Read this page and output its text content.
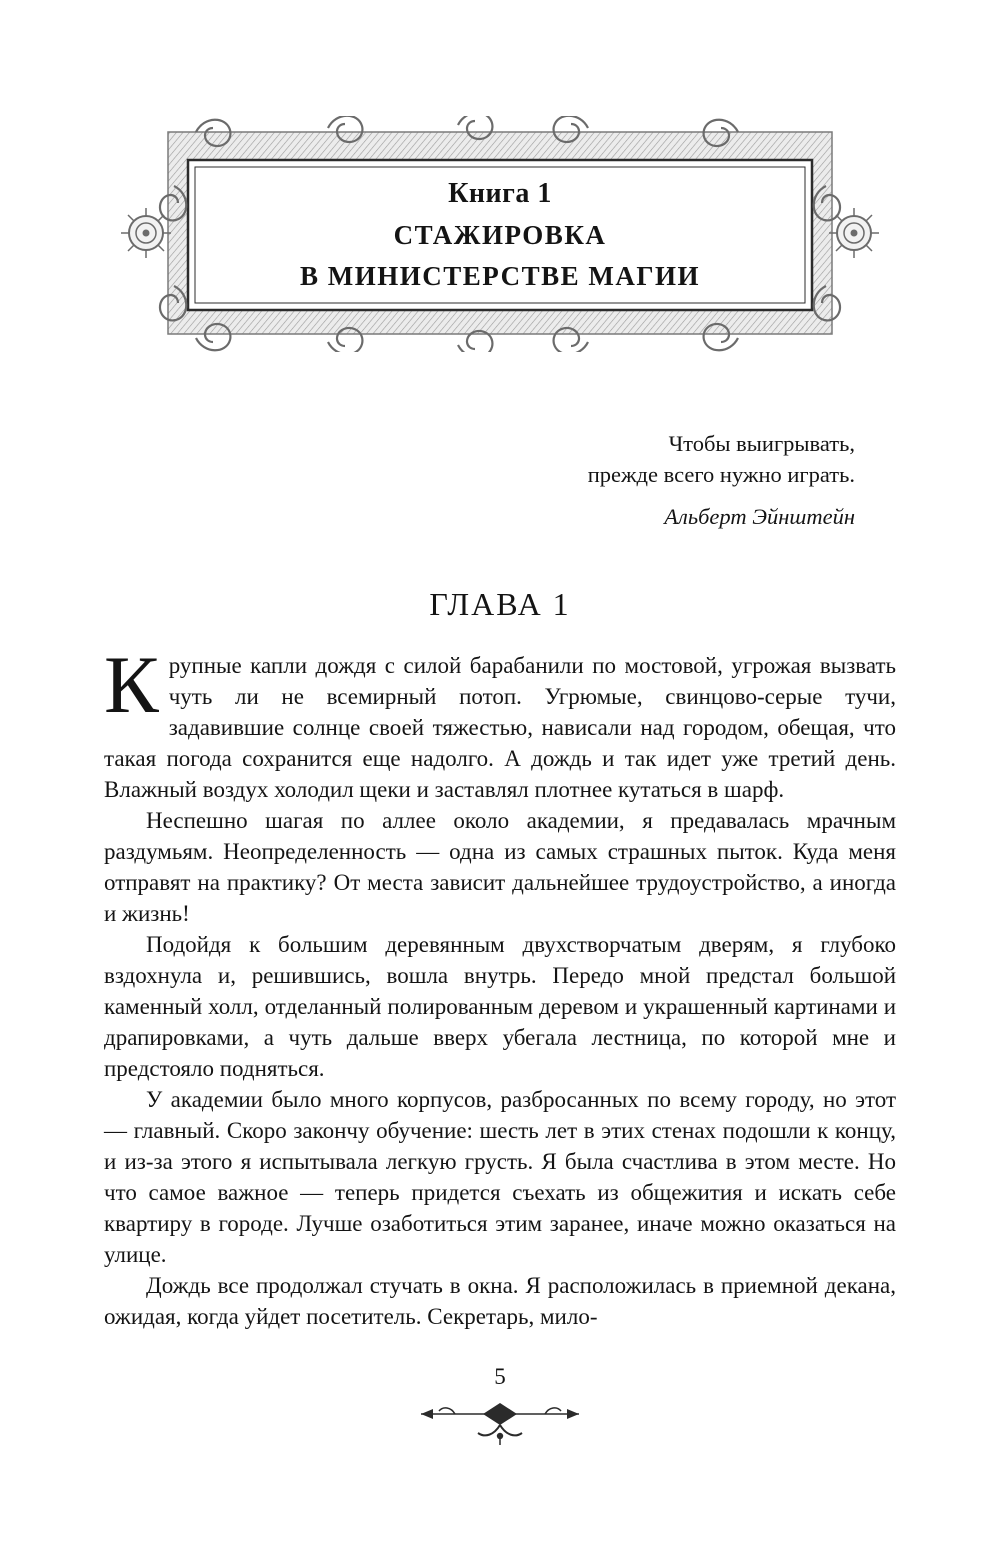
Книга 1
СТАЖИРОВКА
В МИНИСТЕРСТВЕ МАГИИ
Чтобы выигрывать,
прежде всего нужно играть.
Альберт Эйнштейн
ГЛАВА 1

Крупные капли дождя с силой барабанили по мостовой, угрожая вызвать чуть ли не всемирный потоп. Угрюмые, свинцово-серые тучи, задавившие солнце своей тяжестью, нависали над городом, обещая, что такая погода сохранится еще надолго. А дождь и так идет уже третий день. Влажный воздух холодил щеки и заставлял плотнее кутаться в шарф.

Неспешно шагая по аллее около академии, я предавалась мрачным раздумьям. Неопределенность — одна из самых страшных пыток. Куда меня отправят на практику? От места зависит дальнейшее трудоустройство, а иногда и жизнь!

Подойдя к большим деревянным двухстворчатым дверям, я глубоко вздохнула и, решившись, вошла внутрь. Передо мной предстал большой каменный холл, отделанный полированным деревом и украшенный картинами и драпировками, а чуть дальше вверх убегала лестница, по которой мне и предстояло подняться.

У академии было много корпусов, разбросанных по всему городу, но этот — главный. Скоро закончу обучение: шесть лет в этих стенах подошли к концу, и из-за этого я испытывала легкую грусть. Я была счастлива в этом месте. Но что самое важное — теперь придется съехать из общежития и искать себе квартиру в городе. Лучше озаботиться этим заранее, иначе можно оказаться на улице.

Дождь все продолжал стучать в окна. Я расположилась в приемной декана, ожидая, когда уйдет посетитель. Секретарь, мило-

5
